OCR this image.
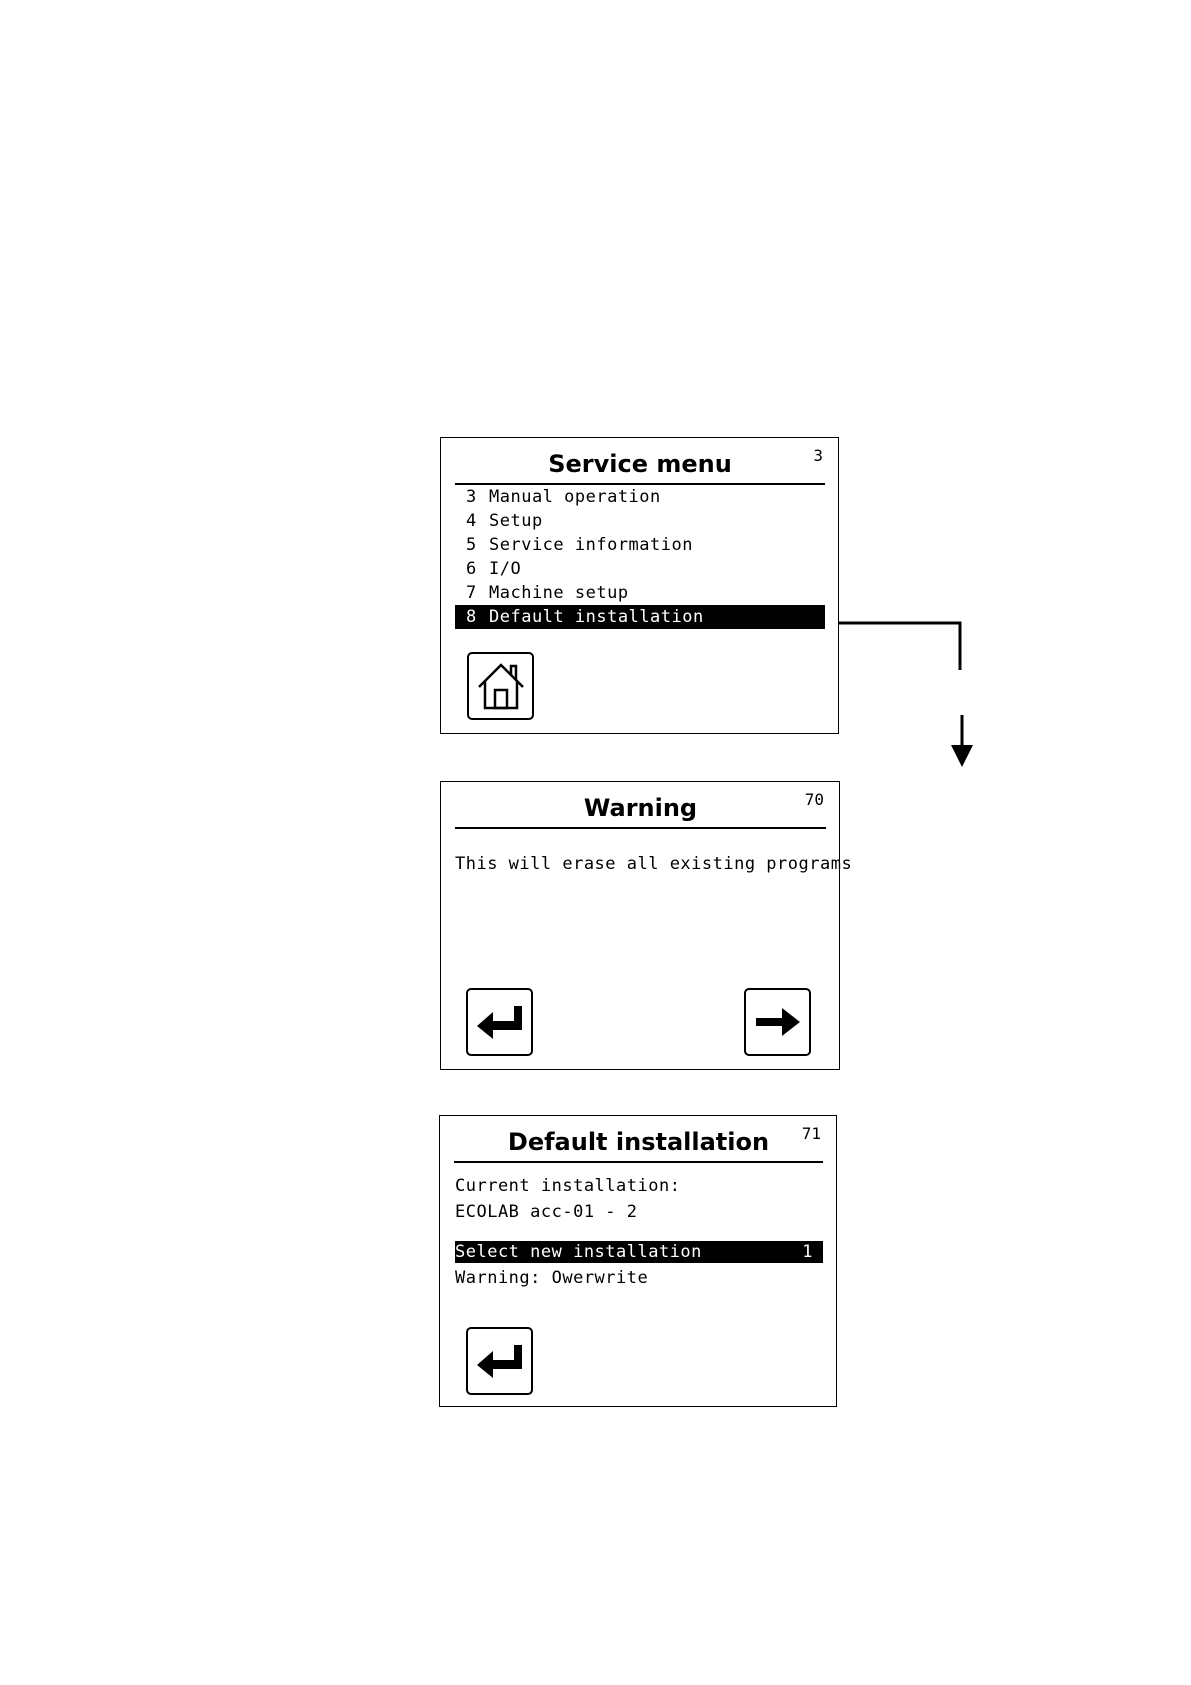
Service menu	3
3 Manual operation
4 Setup
5 Service information
6 I/O
7 Machine setup
8 Default installation
Warning	70
This will erase all existing programs
Default installation	71
Current installation:
ECOLAB acc-01 - 2
Select new installation	1
Warning: Owerwrite
